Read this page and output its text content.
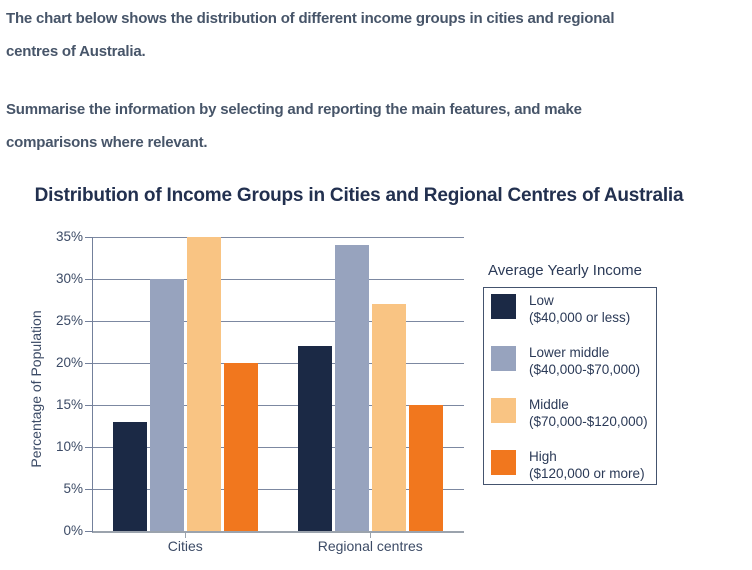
The chart below shows the distribution of different income groups in cities and regional
centres of Australia.

Summarise the information by selecting and reporting the main features, and make
comparisons where relevant.

Distribution of Income Groups in Cities and Regional Centres of Australia
Percentage of Population
0%
5%
10%
15%
20%
25%
30%
35%
Cities	Regional centres
Average Yearly Income
Low
($40,000 or less)
Lower middle
($40,000-$70,000)
Middle
($70,000-$120,000)
High
($120,000 or more)
